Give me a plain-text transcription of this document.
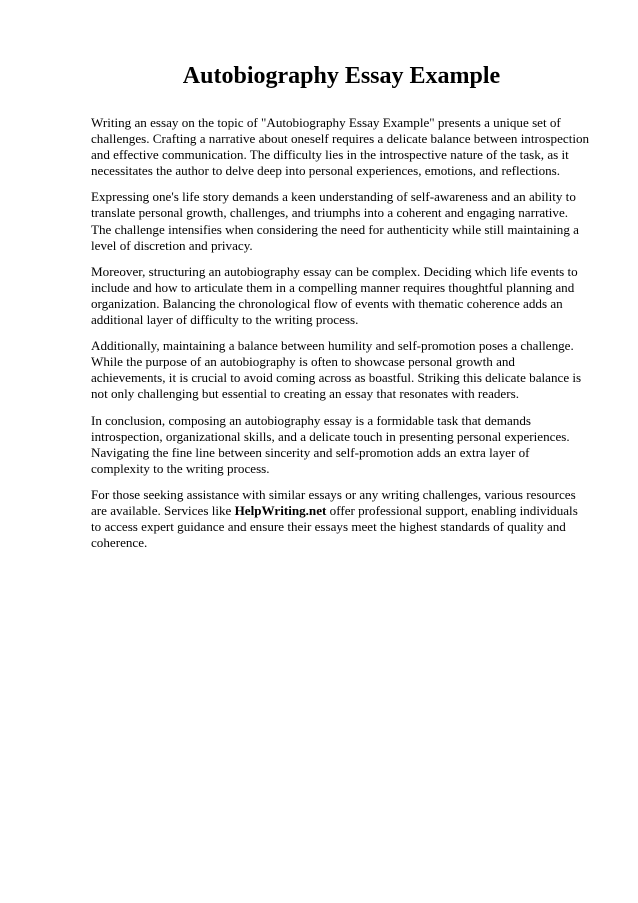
Autobiography Essay Example

Writing an essay on the topic of "Autobiography Essay Example" presents a unique set of challenges. Crafting a narrative about oneself requires a delicate balance between introspection and effective communication. The difficulty lies in the introspective nature of the task, as it necessitates the author to delve deep into personal experiences, emotions, and reflections.

Expressing one's life story demands a keen understanding of self-awareness and an ability to translate personal growth, challenges, and triumphs into a coherent and engaging narrative. The challenge intensifies when considering the need for authenticity while still maintaining a level of discretion and privacy.

Moreover, structuring an autobiography essay can be complex. Deciding which life events to include and how to articulate them in a compelling manner requires thoughtful planning and organization. Balancing the chronological flow of events with thematic coherence adds an additional layer of difficulty to the writing process.

Additionally, maintaining a balance between humility and self-promotion poses a challenge. While the purpose of an autobiography is often to showcase personal growth and achievements, it is crucial to avoid coming across as boastful. Striking this delicate balance is not only challenging but essential to creating an essay that resonates with readers.

In conclusion, composing an autobiography essay is a formidable task that demands introspection, organizational skills, and a delicate touch in presenting personal experiences. Navigating the fine line between sincerity and self-promotion adds an extra layer of complexity to the writing process.

For those seeking assistance with similar essays or any writing challenges, various resources are available. Services like HelpWriting.net offer professional support, enabling individuals to access expert guidance and ensure their essays meet the highest standards of quality and coherence.
